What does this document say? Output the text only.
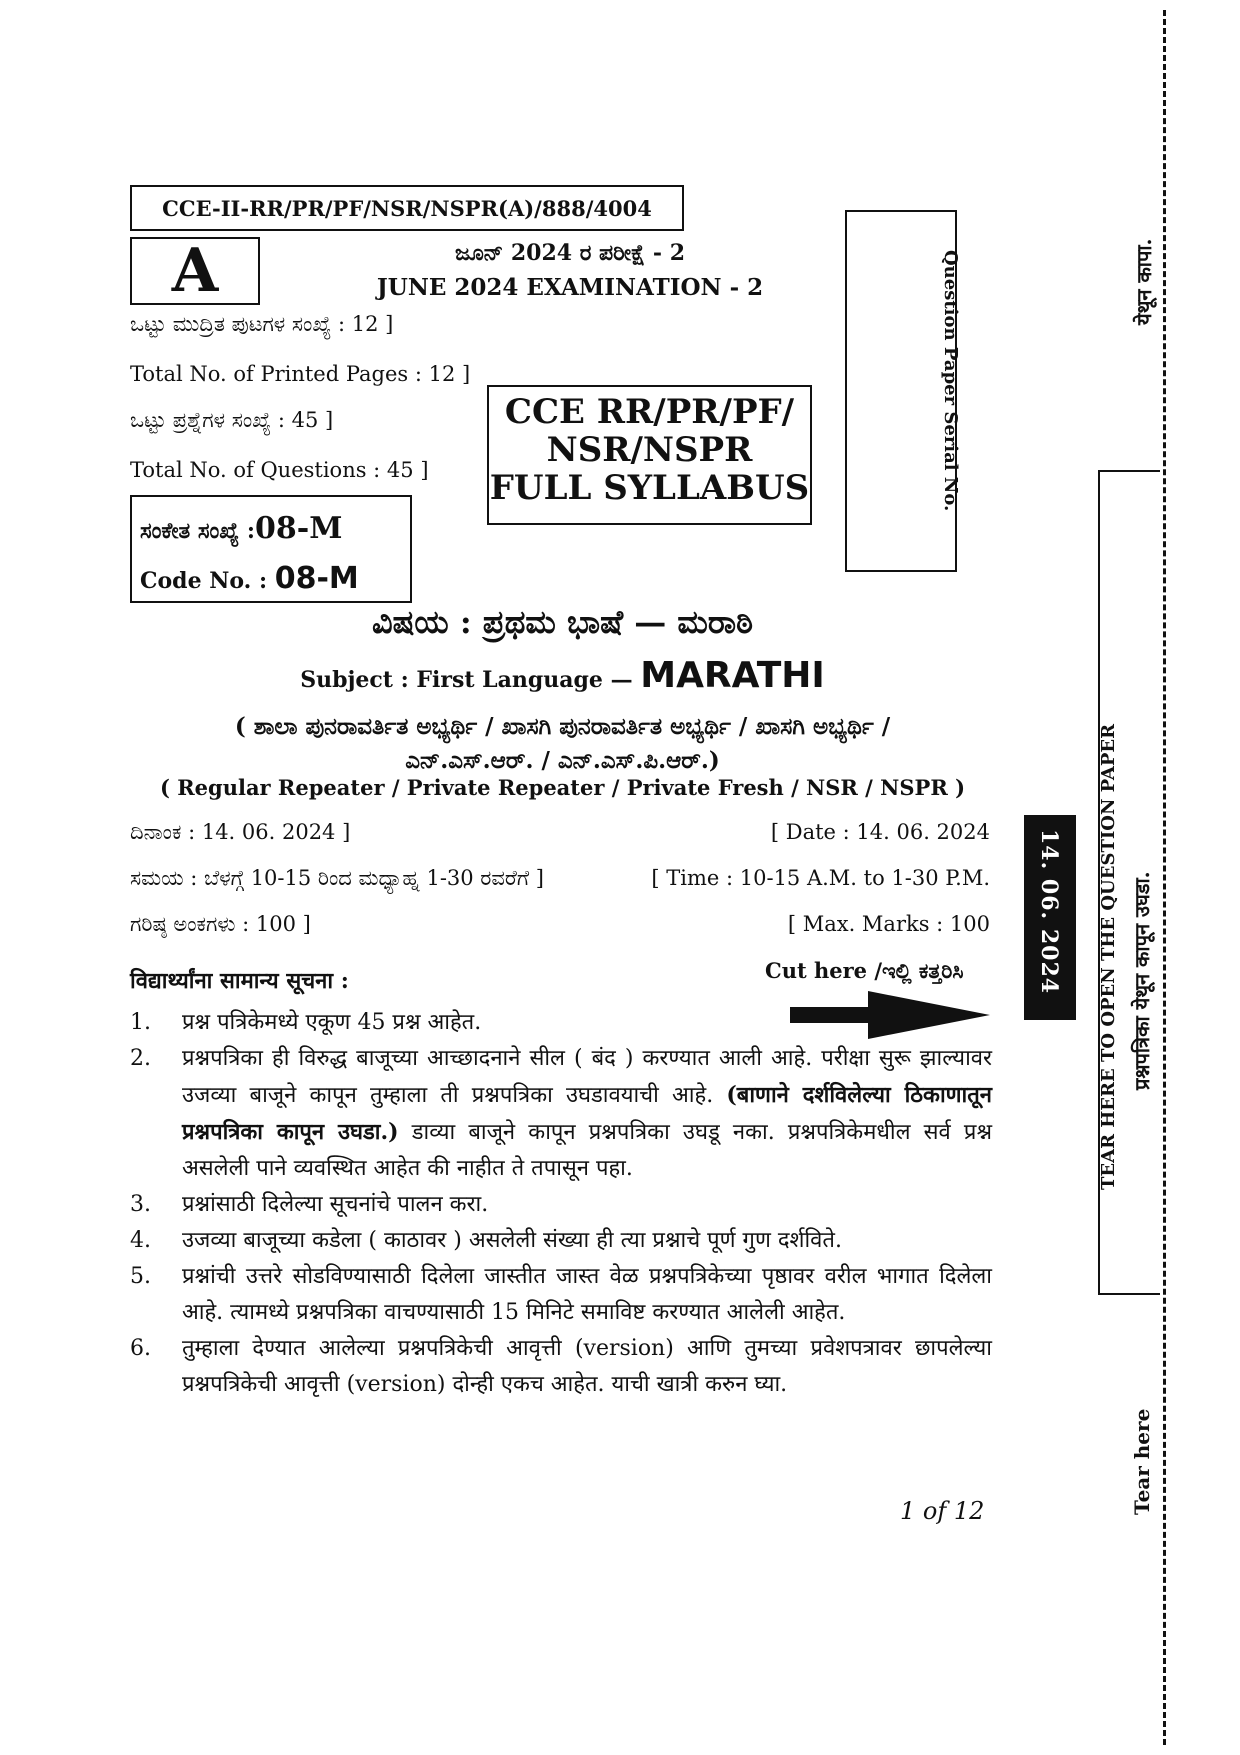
CCE-II-RR/PR/PF/NSR/NSPR(A)/888/4004
A	ಜೂನ್ 2024 ರ ಪರೀಕ್ಷೆ - 2
JUNE 2024 EXAMINATION - 2
ಒಟ್ಟು ಮುದ್ರಿತ ಪುಟಗಳ ಸಂಖ್ಯೆ : 12 ]
Total No. of Printed Pages : 12 ]
ಒಟ್ಟು ಪ್ರಶ್ನೆಗಳ ಸಂಖ್ಯೆ : 45 ]
Total No. of Questions : 45 ]
CCE RR/PR/PF/
NSR/NSPR
FULL SYLLABUS	Question Paper Serial No.
ಸಂಕೇತ ಸಂಖ್ಯೆ :08-M
Code No. : 08-M
ವಿಷಯ : ಪ್ರಥಮ ಭಾಷೆ — ಮರಾಠಿ
Subject : First Language — MARATHI
( ಶಾಲಾ ಪುನರಾವರ್ತಿತ ಅಭ್ಯರ್ಥಿ / ಖಾಸಗಿ ಪುನರಾವರ್ತಿತ ಅಭ್ಯರ್ಥಿ / ಖಾಸಗಿ ಅಭ್ಯರ್ಥಿ /
ಎನ್.ಎಸ್.ಆರ್. / ಎನ್.ಎಸ್.ಪಿ.ಆರ್.)
( Regular Repeater / Private Repeater / Private Fresh / NSR / NSPR )
ದಿನಾಂಕ : 14. 06. 2024 ]	[ Date : 14. 06. 2024
ಸಮಯ : ಬೆಳಗ್ಗೆ 10-15 ರಿಂದ ಮಧ್ಯಾಹ್ನ 1-30 ರವರೆಗೆ ]	[ Time : 10-15 A.M. to 1-30 P.M.
ಗರಿಷ್ಠ ಅಂಕಗಳು : 100 ]	[ Max. Marks : 100
विद्यार्थ्यांना सामान्य सूचना :	Cut here /ಇಲ್ಲಿ ಕತ್ತರಿಸಿ
1.	प्रश्न पत्रिकेमध्ये एकूण 45 प्रश्न आहेत.
2.	प्रश्नपत्रिका ही विरुद्ध बाजूच्या आच्छादनाने सील ( बंद ) करण्यात आली आहे. परीक्षा सुरू झाल्यावर उजव्या बाजूने कापून तुम्हाला ती प्रश्नपत्रिका उघडावयाची आहे. (बाणाने दर्शविलेल्या ठिकाणातून प्रश्नपत्रिका कापून उघडा.) डाव्या बाजूने कापून प्रश्नपत्रिका उघडू नका. प्रश्नपत्रिकेमधील सर्व प्रश्न असलेली पाने व्यवस्थित आहेत की नाहीत ते तपासून पहा.
3.	प्रश्नांसाठी दिलेल्या सूचनांचे पालन करा.
4.	उजव्या बाजूच्या कडेला ( काठावर ) असलेली संख्या ही त्या प्रश्नाचे पूर्ण गुण दर्शविते.
5.	प्रश्नांची उत्तरे सोडविण्यासाठी दिलेला जास्तीत जास्त वेळ प्रश्नपत्रिकेच्या पृष्ठावर वरील भागात दिलेला आहे. त्यामध्ये प्रश्नपत्रिका वाचण्यासाठी 15 मिनिटे समाविष्ट करण्यात आलेली आहेत.
6.	तुम्हाला देण्यात आलेल्या प्रश्नपत्रिकेची आवृत्ती (version) आणि तुमच्या प्रवेशपत्रावर छापलेल्या प्रश्नपत्रिकेची आवृत्ती (version) दोन्ही एकच आहेत. याची खात्री करुन घ्या.
1 of 12
14. 06. 2024 TEAR HERE TO OPEN THE QUESTION PAPER प्रश्नपत्रिका येथून कापून उघडा.
येथून कापा.
Tear here
